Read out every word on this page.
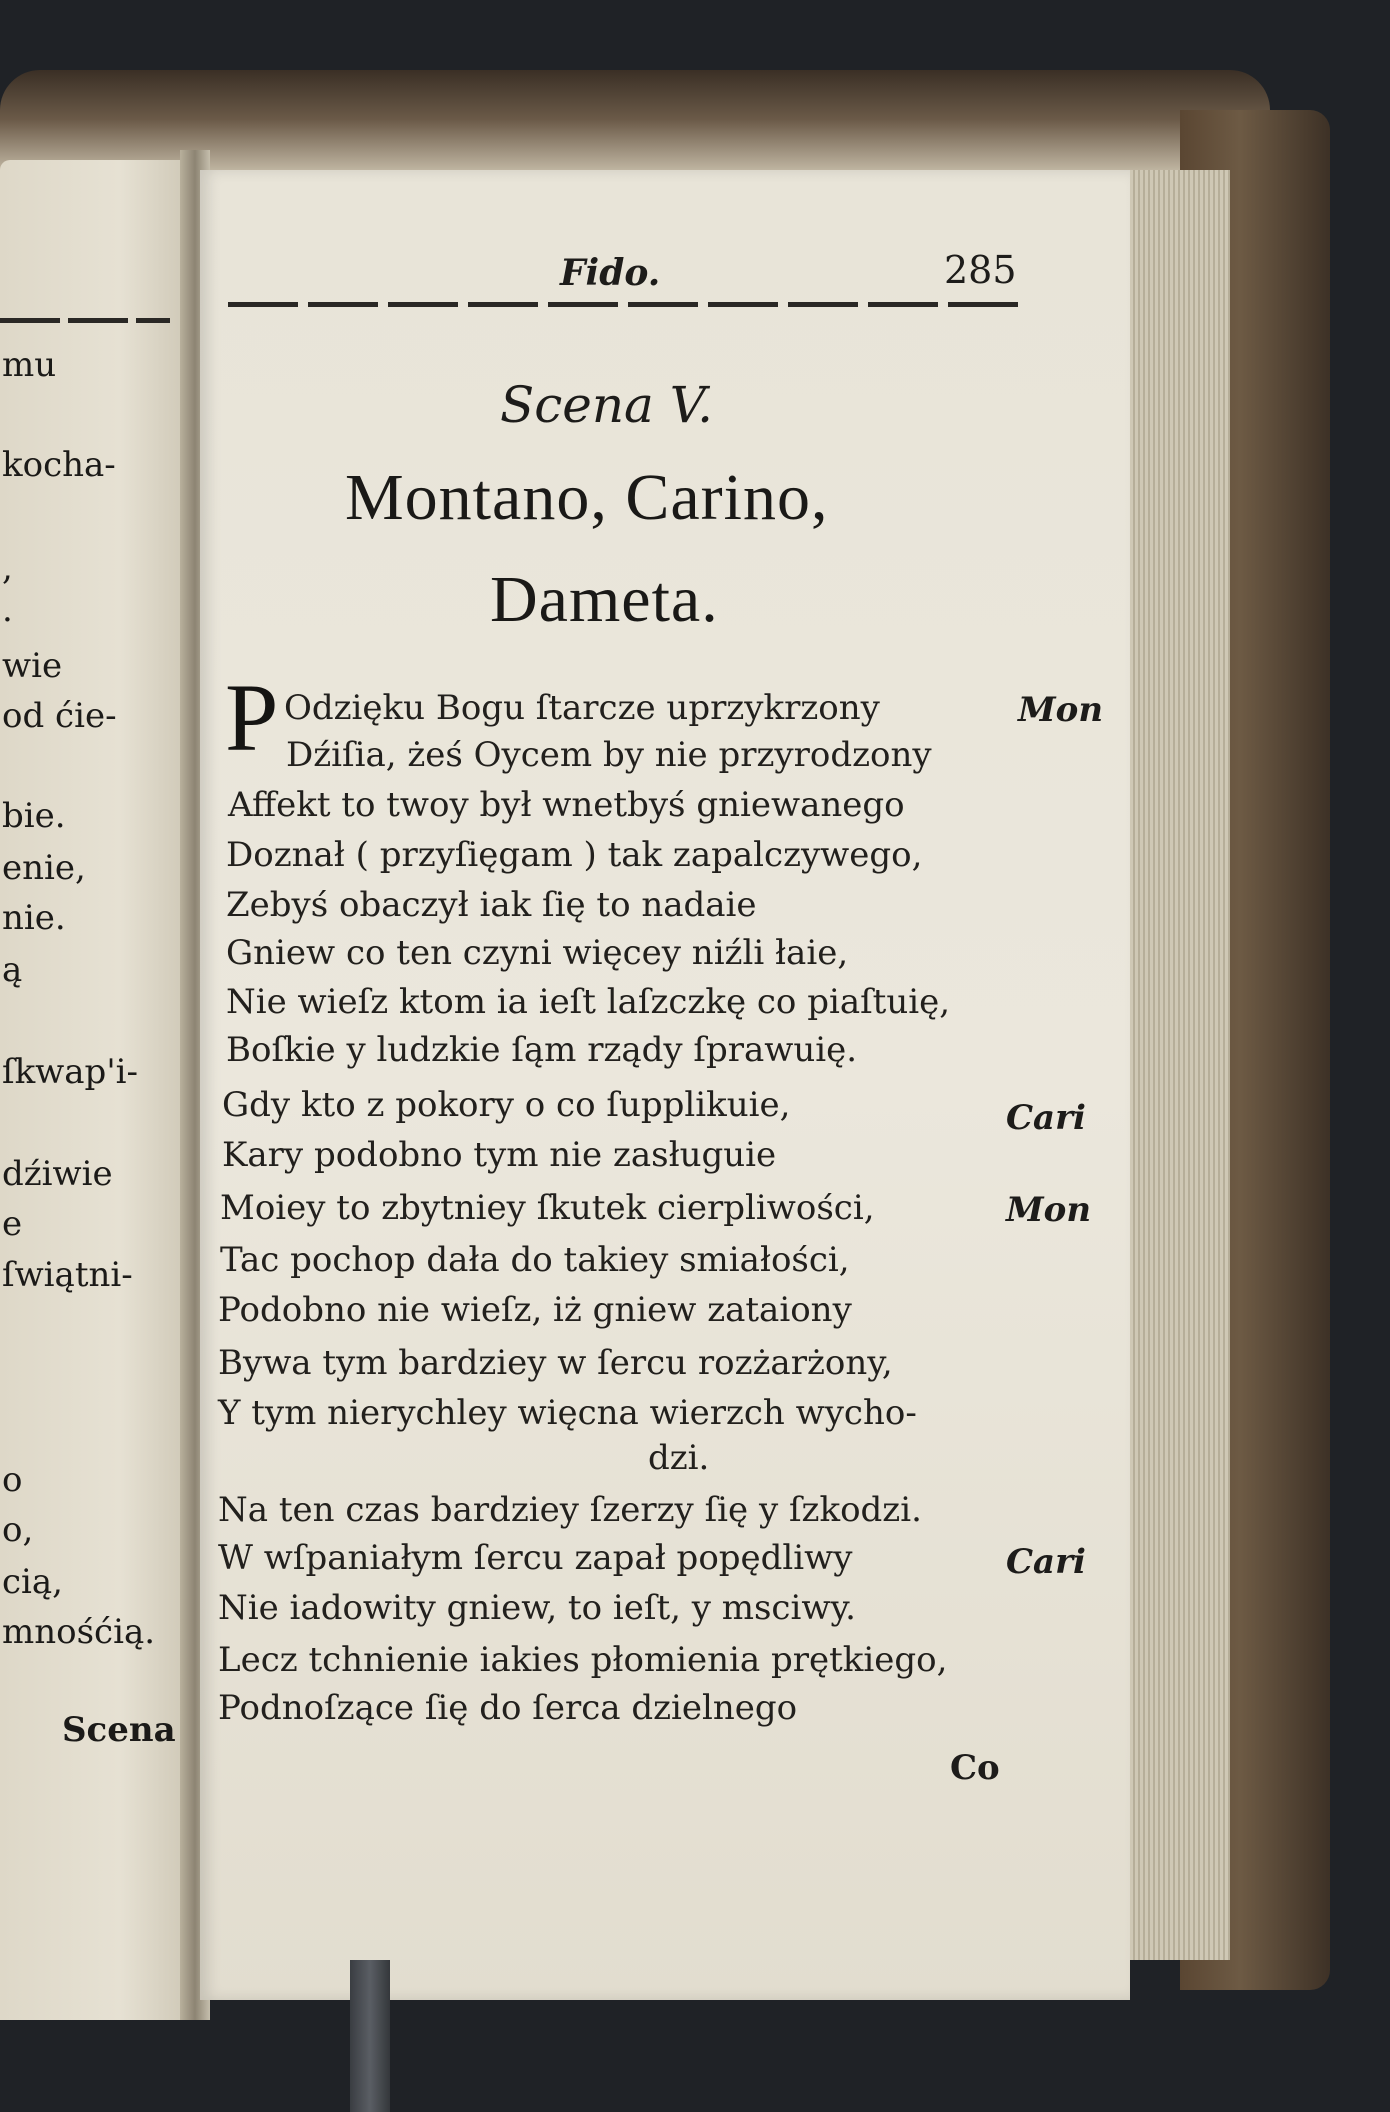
mu
kocha-
,
.
wie
od ćie-
bie.
enie,
nie.
ą
ſkwap'i-
dźiwie
e
ſwiątni-
o
o,
cią,
mnośćią.
Scena
Fido.	285
Scena V.
Montano, Carino,
Dameta.
P Odzięku Bogu ſtarcze uprzykrzony
Dźiſia, żeś Oycem by nie przyrodzony
Affekt to twoy był wnetbyś gniewanego
Doznał ( przyſięgam ) tak zapalczywego,
Zebyś obaczył iak ſię to nadaie
Gniew co ten czyni więcey niźli łaie,
Nie wieſz ktom ia ieſt laſzczkę co piaſtuię,
Boſkie y ludzkie ſąm rządy ſprawuię.
Gdy kto z pokory o co ſupplikuie,
Kary podobno tym nie zasługuie
Moiey to zbytniey ſkutek cierpliwości,
Tac pochop dała do takiey smiałości,
Podobno nie wieſz, iż gniew zataiony
Bywa tym bardziey w ſercu rozżarżony,
Y tym nierychley więcna wierzch wycho-
dzi.
Na ten czas bardziey ſzerzy ſię y ſzkodzi.
W wſpaniałym ſercu zapał popędliwy
Nie iadowity gniew, to ieſt, y msciwy.
Lecz tchnienie iakies płomienia prętkiego,
Podnoſzące ſię do ſerca dzielnego
Mon
Cari
Mon
Cari
Co
